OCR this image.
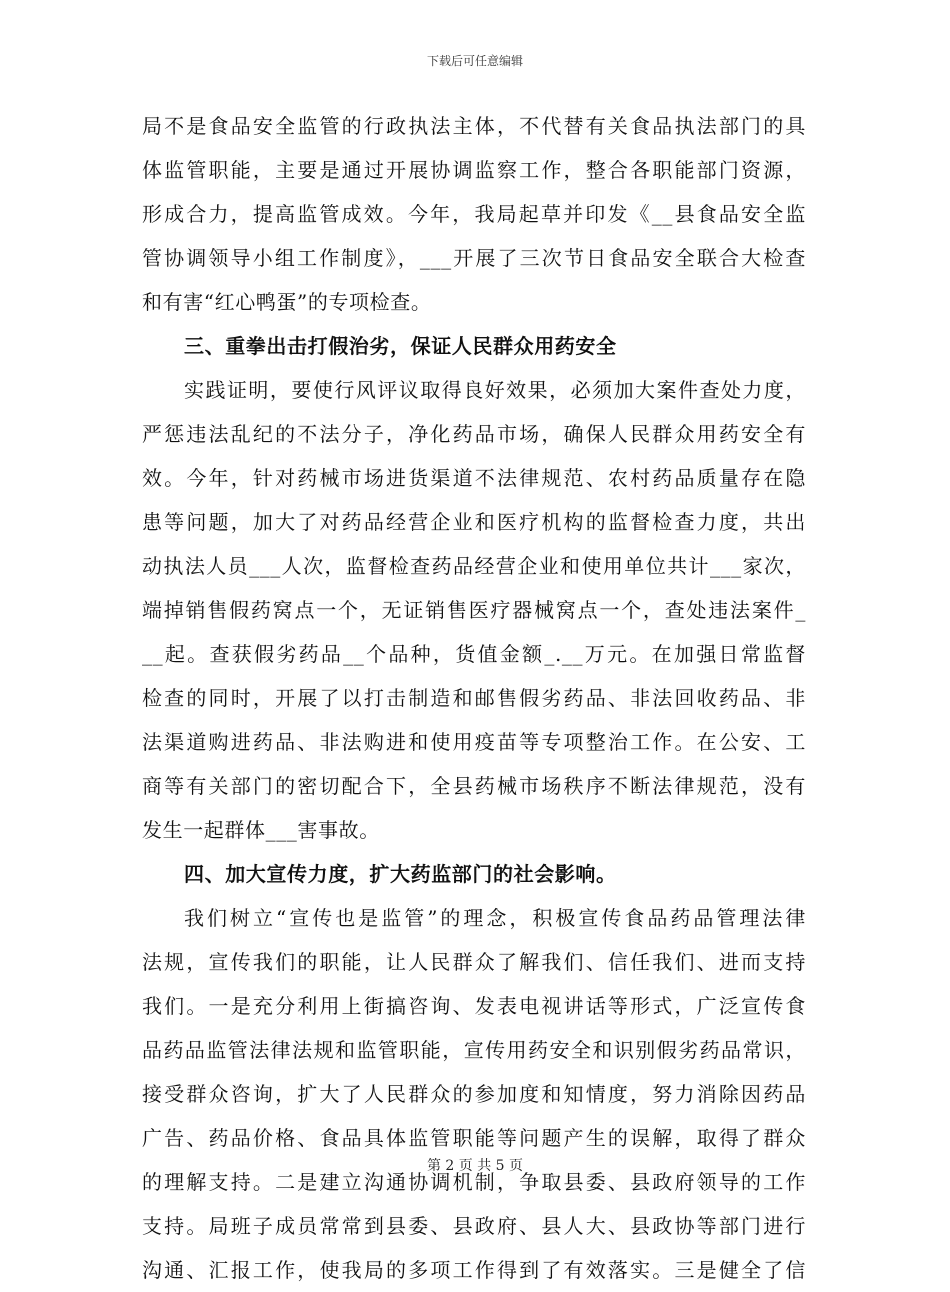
下载后可任意编辑
局不是食品安全监管的行政执法主体，不代替有关食品执法部门的具
体监管职能，主要是通过开展协调监察工作，整合各职能部门资源，
形成合力，提高监管成效。今年，我局起草并印发《__县食品安全监
管协调领导小组工作制度》，___开展了三次节日食品安全联合大检查
和有害“红心鸭蛋”的专项检查。
三、重拳出击打假治劣，保证人民群众用药安全
实践证明，要使行风评议取得良好效果，必须加大案件查处力度，
严惩违法乱纪的不法分子，净化药品市场，确保人民群众用药安全有
效。今年，针对药械市场进货渠道不法律规范、农村药品质量存在隐
患等问题，加大了对药品经营企业和医疗机构的监督检查力度，共出
动执法人员___人次，监督检查药品经营企业和使用单位共计___家次，
端掉销售假药窝点一个，无证销售医疗器械窝点一个，查处违法案件_
__起。查获假劣药品__个品种，货值金额_.__万元。在加强日常监督
检查的同时，开展了以打击制造和邮售假劣药品、非法回收药品、非
法渠道购进药品、非法购进和使用疫苗等专项整治工作。在公安、工
商等有关部门的密切配合下，全县药械市场秩序不断法律规范，没有
发生一起群体___害事故。
四、加大宣传力度，扩大药监部门的社会影响。
我们树立“宣传也是监管”的理念，积极宣传食品药品管理法律
法规，宣传我们的职能，让人民群众了解我们、信任我们、进而支持
我们。一是充分利用上街搞咨询、发表电视讲话等形式，广泛宣传食
品药品监管法律法规和监管职能，宣传用药安全和识别假劣药品常识，
接受群众咨询，扩大了人民群众的参加度和知情度，努力消除因药品
广告、药品价格、食品具体监管职能等问题产生的误解，取得了群众
的理解支持。二是建立沟通协调机制，争取县委、县政府领导的工作
支持。局班子成员常常到县委、县政府、县人大、县政协等部门进行
沟通、汇报工作，使我局的多项工作得到了有效落实。三是健全了信
第 2 页 共 5 页
